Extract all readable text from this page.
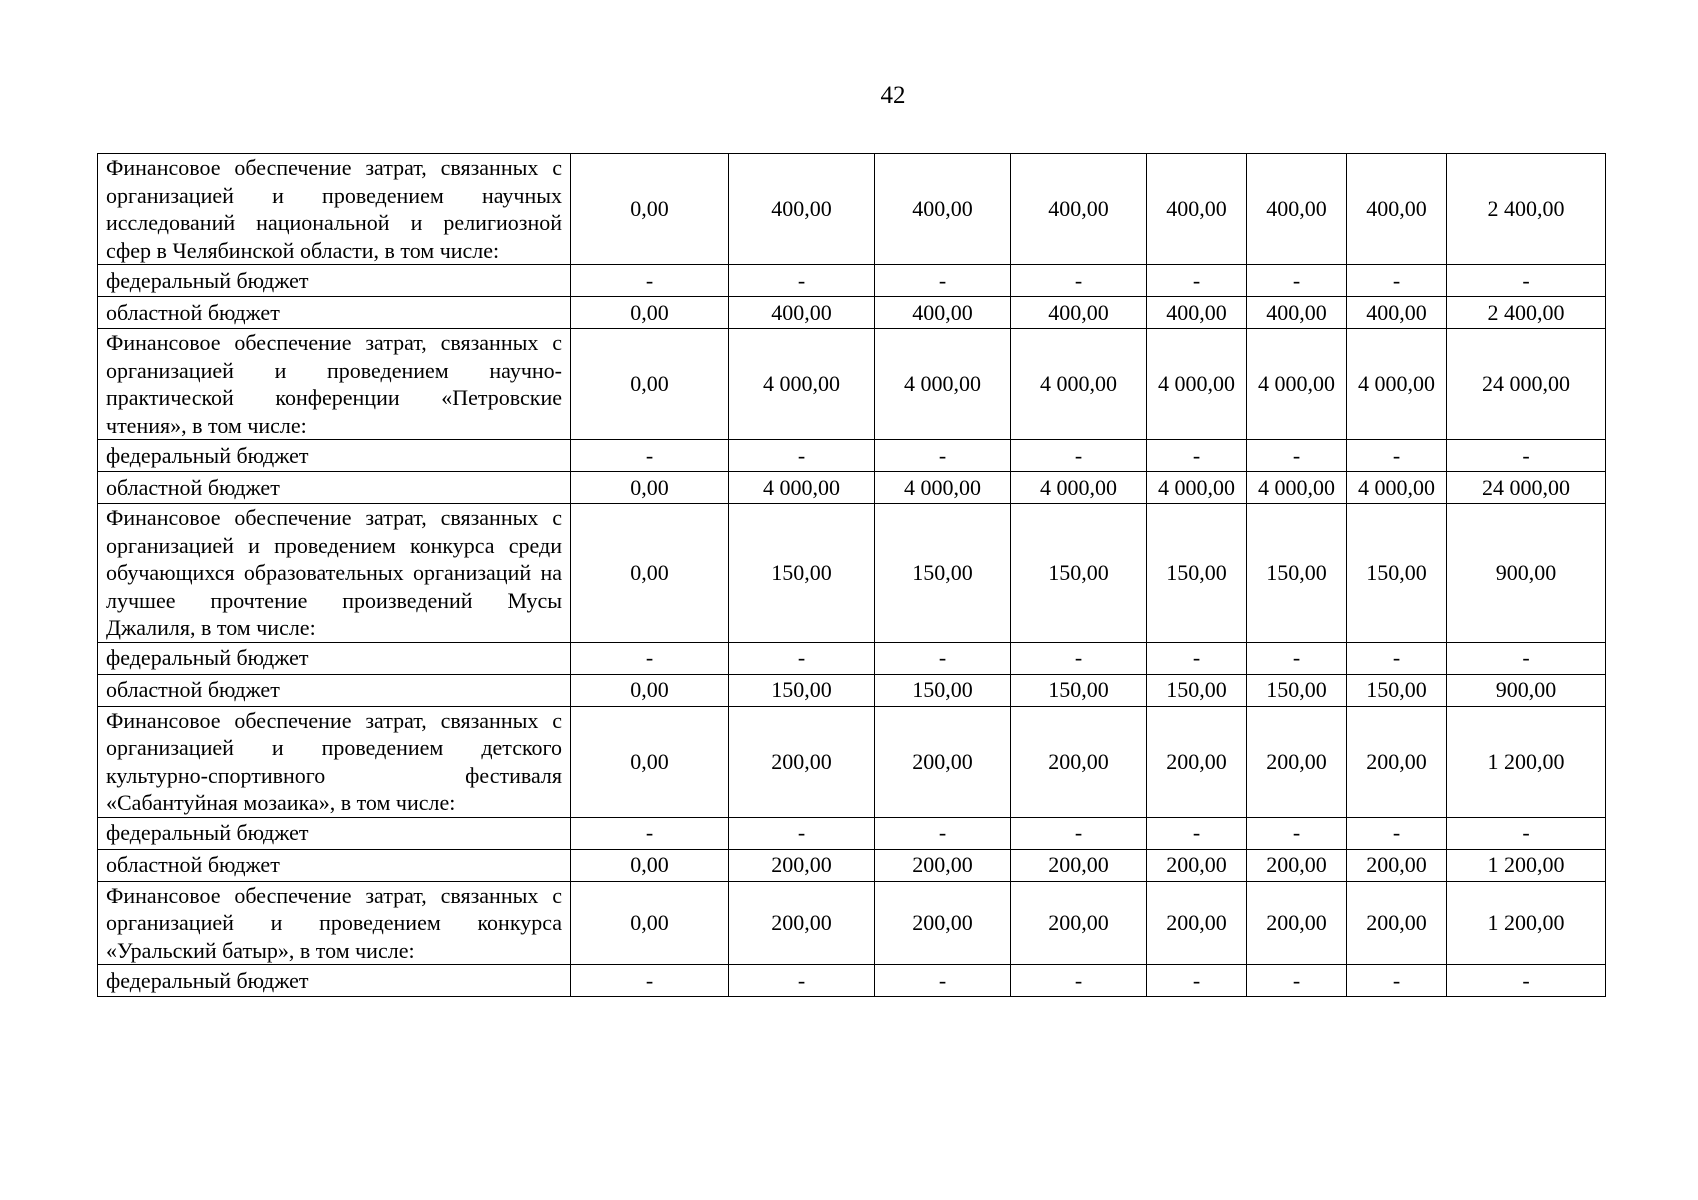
42
Финансовое обеспечение затрат, связанных с организацией и проведением научных исследований национальной и религиозной сфер в Челябинской области, в том числе:	0,00	400,00	400,00	400,00	400,00	400,00	400,00	2 400,00
федеральный бюджет	-	-	-	-	-	-	-	-
областной бюджет	0,00	400,00	400,00	400,00	400,00	400,00	400,00	2 400,00
Финансовое обеспечение затрат, связанных с организацией и проведением научно-практической конференции «Петровские чтения», в том числе:	0,00	4 000,00	4 000,00	4 000,00	4 000,00	4 000,00	4 000,00	24 000,00
федеральный бюджет	-	-	-	-	-	-	-	-
областной бюджет	0,00	4 000,00	4 000,00	4 000,00	4 000,00	4 000,00	4 000,00	24 000,00
Финансовое обеспечение затрат, связанных с организацией и проведением конкурса среди обучающихся образовательных организаций на лучшее прочтение произведений Мусы Джалиля, в том числе:	0,00	150,00	150,00	150,00	150,00	150,00	150,00	900,00
федеральный бюджет	-	-	-	-	-	-	-	-
областной бюджет	0,00	150,00	150,00	150,00	150,00	150,00	150,00	900,00
Финансовое обеспечение затрат, связанных с организацией и проведением детского культурно-спортивного фестиваля «Сабантуйная мозаика», в том числе:	0,00	200,00	200,00	200,00	200,00	200,00	200,00	1 200,00
федеральный бюджет	-	-	-	-	-	-	-	-
областной бюджет	0,00	200,00	200,00	200,00	200,00	200,00	200,00	1 200,00
Финансовое обеспечение затрат, связанных с организацией и проведением конкурса «Уральский батыр», в том числе:	0,00	200,00	200,00	200,00	200,00	200,00	200,00	1 200,00
федеральный бюджет	-	-	-	-	-	-	-	-
